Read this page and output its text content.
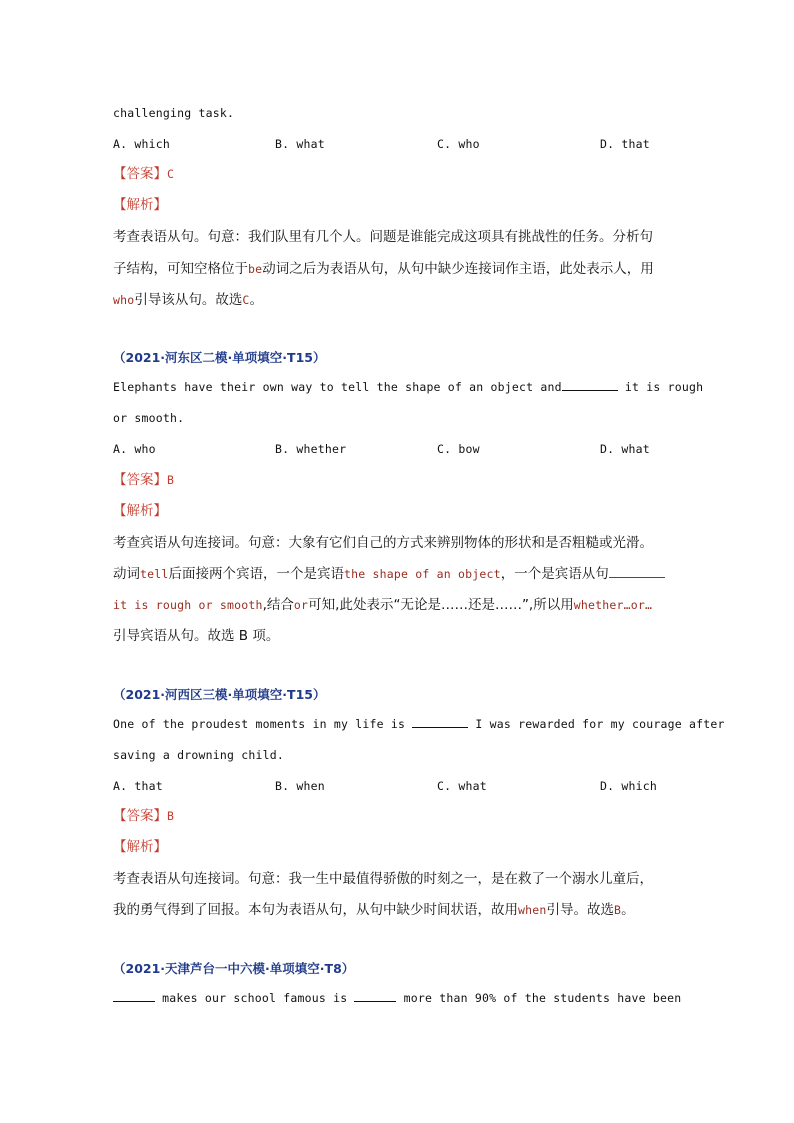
challenging task.
A. which	B. what	C. who	D. that
【答案】C
【解析】
考查表语从句。句意：我们队里有几个人。问题是谁能完成这项具有挑战性的任务。分析句
子结构，可知空格位于be动词之后为表语从句，从句中缺少连接词作主语，此处表示人，用
who引导该从句。故选C。
（2021·河东区二模·单项填空·T15）
Elephants have their own way to tell the shape of an object and	it is rough
or smooth.
A. who	B. whether	C. bow	D. what
【答案】B
【解析】
考查宾语从句连接词。句意：大象有它们自己的方式来辨别物体的形状和是否粗糙或光滑。
动词tell后面接两个宾语，一个是宾语the shape of an object，一个是宾语从句
it is rough or smooth,结合or可知,此处表示“无论是……还是……”,所以用whether…or…
引导宾语从句。故选 B 项。
（2021·河西区三模·单项填空·T15）
One of the proudest moments in my life is	I was rewarded for my courage after
saving a drowning child.
A. that	B. when	C. what	D. which
【答案】B
【解析】
考查表语从句连接词。句意：我一生中最值得骄傲的时刻之一，是在救了一个溺水儿童后，
我的勇气得到了回报。本句为表语从句，从句中缺少时间状语，故用when引导。故选B。
（2021·天津芦台一中六模·单项填空·T8）
makes our school famous is	more than 90% of the students have been
